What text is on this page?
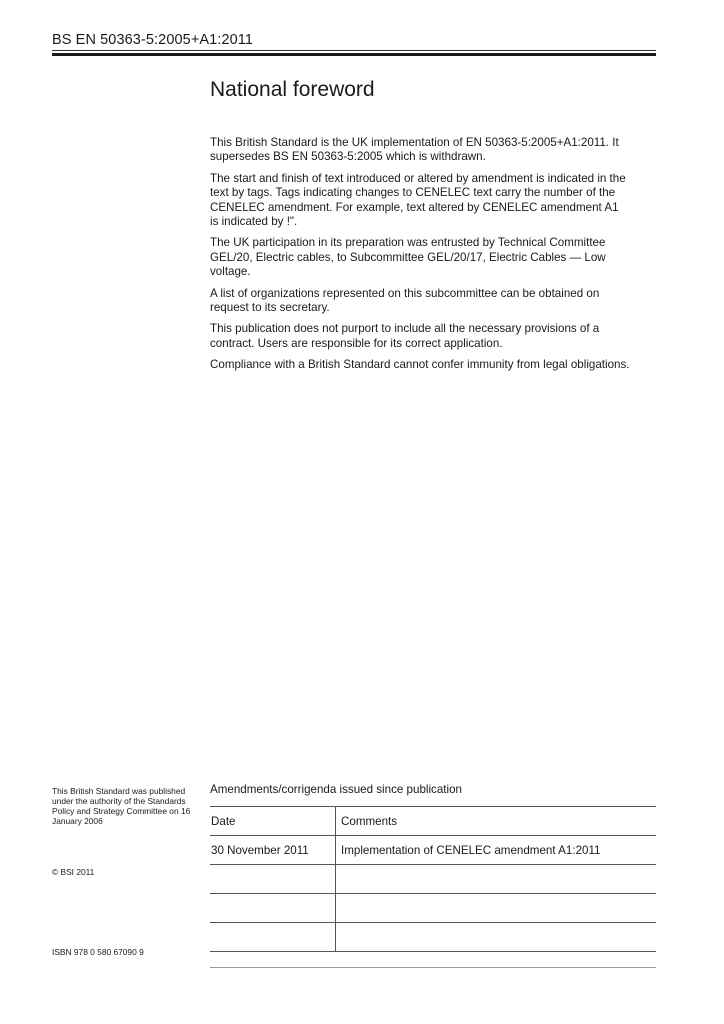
BS EN 50363-5:2005+A1:2011
National foreword

This British Standard is the UK implementation of EN 50363-5:2005+A1:2011. It supersedes BS EN 50363-5:2005 which is withdrawn.

The start and finish of text introduced or altered by amendment is indicated in the text by tags. Tags indicating changes to CENELEC text carry the number of the CENELEC amendment. For example, text altered by CENELEC amendment A1 is indicated by !".

The UK participation in its preparation was entrusted by Technical Committee GEL/20, Electric cables, to Subcommittee GEL/20/17, Electric Cables — Low voltage.

A list of organizations represented on this subcommittee can be obtained on request to its secretary.

This publication does not purport to include all the necessary provisions of a contract. Users are responsible for its correct application.

Compliance with a British Standard cannot confer immunity from legal obligations.

This British Standard was published under the authority of the Standards Policy and Strategy Committee on 16 January 2006
© BSI 2011
ISBN 978 0 580 67090 9
Amendments/corrigenda issued since publication
Date	Comments
30 November 2011	Implementation of CENELEC amendment A1:2011
